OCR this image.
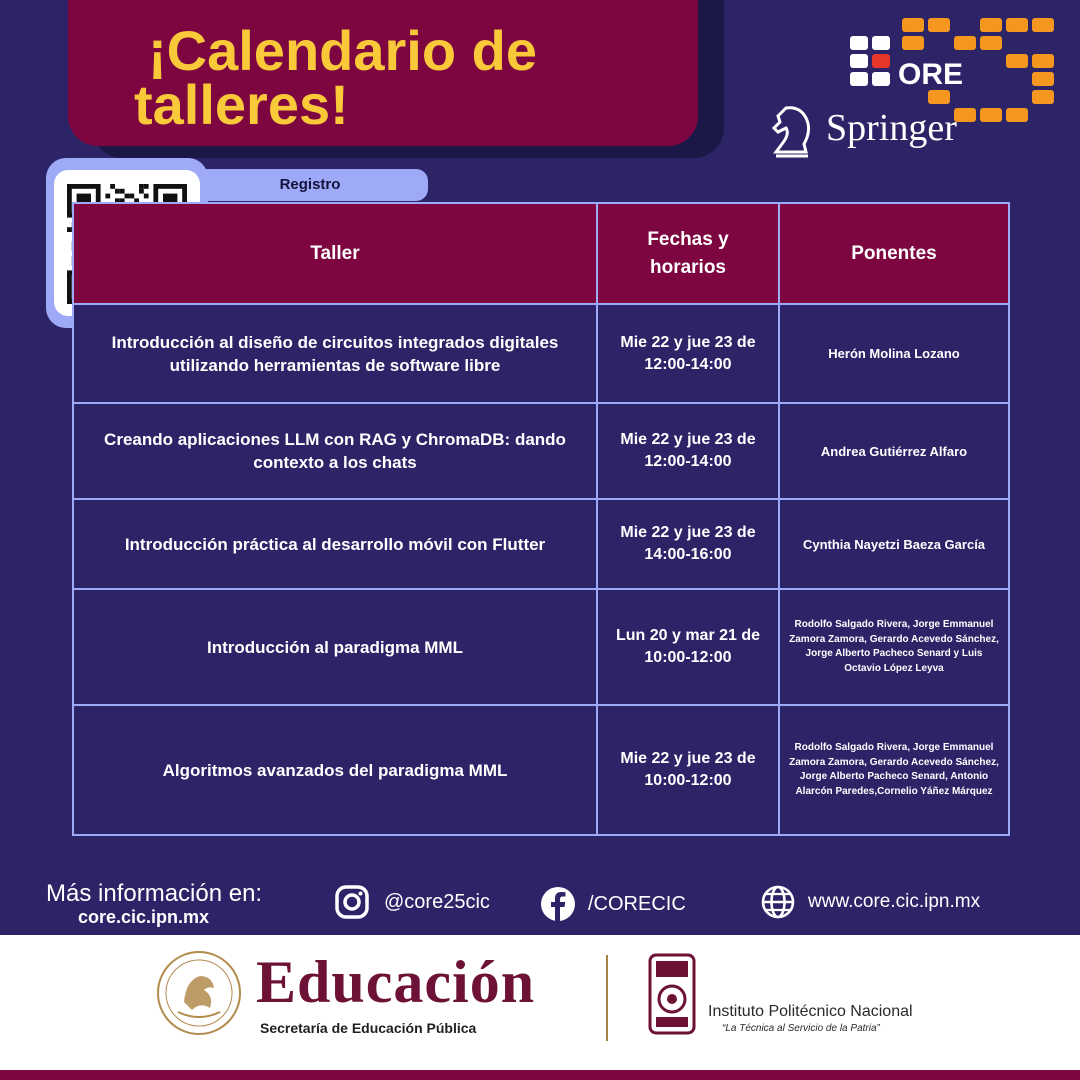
¡Calendario de
talleres!	ORE
Springer
Registro
Taller	Fechas y horarios	Ponentes
Introducción al diseño de circuitos integrados digitales utilizando herramientas de software libre	Mie 22 y jue 23 de 12:00-14:00	Herón Molina Lozano
Creando aplicaciones LLM con RAG y ChromaDB: dando contexto a los chats	Mie 22 y jue 23 de 12:00-14:00	Andrea Gutiérrez Alfaro
Introducción práctica al desarrollo móvil con Flutter	Mie 22 y jue 23 de 14:00-16:00	Cynthia Nayetzi Baeza García
Introducción al paradigma MML	Lun 20 y mar 21 de 10:00-12:00	Rodolfo Salgado Rivera, Jorge Emmanuel Zamora Zamora, Gerardo Acevedo Sánchez, Jorge Alberto Pacheco Senard y Luis Octavio López Leyva
Algoritmos avanzados del paradigma MML	Mie 22 y jue 23 de 10:00-12:00	Rodolfo Salgado Rivera, Jorge Emmanuel Zamora Zamora, Gerardo Acevedo Sánchez, Jorge Alberto Pacheco Senard, Antonio Alarcón Paredes,Cornelio Yáñez Márquez
Más información en:
core.cic.ipn.mx
@core25cic	/CORECIC	www.core.cic.ipn.mx
Educación
Secretaría de Educación Pública
Instituto Politécnico Nacional
“La Técnica al Servicio de la Patria”
